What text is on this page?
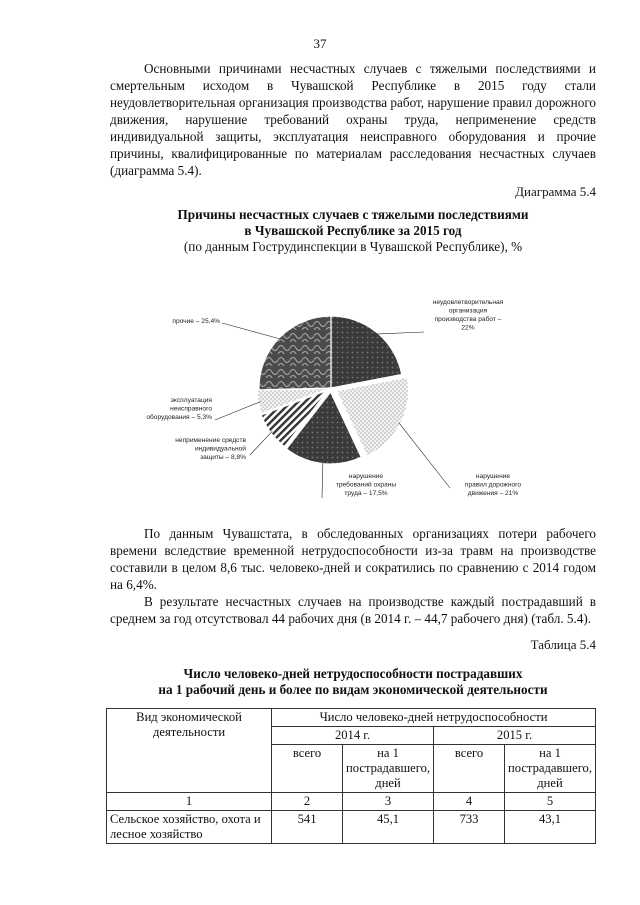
37

Основными причинами несчастных случаев с тяжелыми последствиями и смертельным исходом в Чувашской Республике в 2015 году стали неудовлетворительная организация производства работ, нарушение правил дорожного движения, нарушение требований охраны труда, неприменение средств индивидуальной защиты, эксплуатация неисправного оборудования и прочие причины, квалифицированные по материалам расследования несчастных случаев (диаграмма 5.4).

Диаграмма 5.4
Причины несчастных случаев с тяжелыми последствиями
в Чувашской Республике за 2015 год
(по данным Гострудинспекции в Чувашской Республике), %
неудовлетворительная организация производства работ – 22%
нарушение правил дорожного движения – 21%
нарушение требований охраны труда – 17,5%
неприменение средств индивидуальной защиты – 8,8%
эксплуатация неисправного оборудования – 5,3%
прочие – 25,4%

По данным Чувашстата, в обследованных организациях потери рабочего времени вследствие временной нетрудоспособности из-за травм на производстве составили в целом 8,6 тыс. человеко-дней и сократились по сравнению с 2014 годом на 6,4%.

В результате несчастных случаев на производстве каждый пострадавший в среднем за год отсутствовал 44 рабочих дня (в 2014 г. – 44,7 рабочего дня) (табл. 5.4).

Таблица 5.4
Число человеко-дней нетрудоспособности пострадавших
на 1 рабочий день и более по видам экономической деятельности
Вид экономической деятельности	Число человеко-дней нетрудоспособности			
	2014 г.		2015 г.	
	всего	на 1 пострадавшего, дней	всего	на 1 пострадавшего, дней
1	2	3	4	5
Сельское хозяйство, охота и лесное хозяйство	541	45,1	733	43,1
